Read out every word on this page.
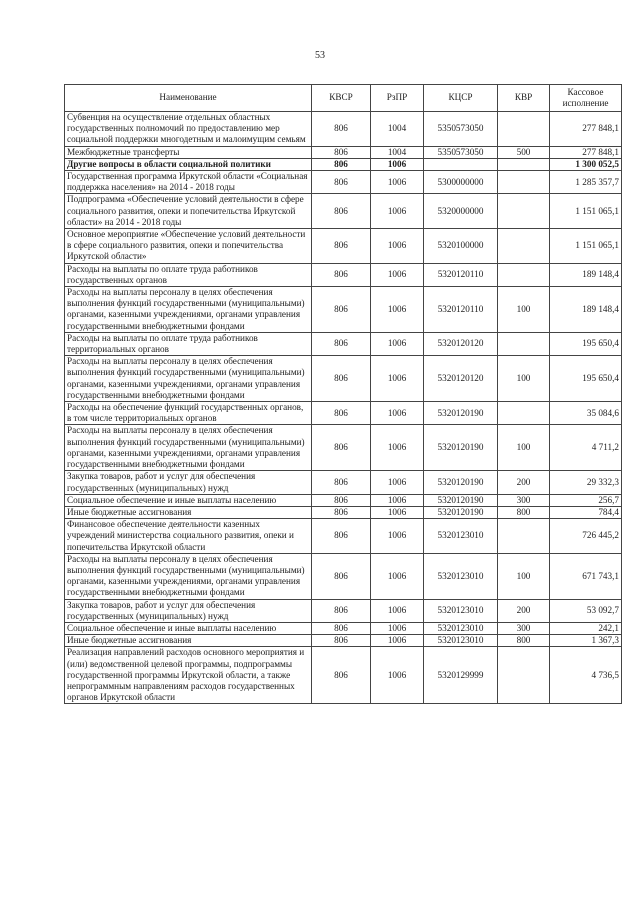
53
Наименование	КВСР	РзПР	КЦСР	КВР	Кассовое исполнение
Субвенция на осуществление отдельных областных государственных полномочий по предоставлению мер социальной поддержки многодетным и малоимущим семьям	806	1004	5350573050		277 848,1
Межбюджетные трансферты	806	1004	5350573050	500	277 848,1
Другие вопросы в области социальной политики	806	1006			1 300 052,5
Государственная программа Иркутской области «Социальная поддержка населения» на 2014 - 2018 годы	806	1006	5300000000		1 285 357,7
Подпрограмма «Обеспечение условий деятельности в сфере социального развития, опеки и попечительства Иркутской области» на 2014 - 2018 годы	806	1006	5320000000		1 151 065,1
Основное мероприятие «Обеспечение условий деятельности в сфере социального развития, опеки и попечительства Иркутской области»	806	1006	5320100000		1 151 065,1
Расходы на выплаты по оплате труда работников государственных органов	806	1006	5320120110		189 148,4
Расходы на выплаты персоналу в целях обеспечения выполнения функций государственными (муниципальными) органами, казенными учреждениями, органами управления государственными внебюджетными фондами	806	1006	5320120110	100	189 148,4
Расходы на выплаты по оплате труда работников территориальных органов	806	1006	5320120120		195 650,4
Расходы на выплаты персоналу в целях обеспечения выполнения функций государственными (муниципальными) органами, казенными учреждениями, органами управления государственными внебюджетными фондами	806	1006	5320120120	100	195 650,4
Расходы на обеспечение функций государственных органов, в том числе территориальных органов	806	1006	5320120190		35 084,6
Расходы на выплаты персоналу в целях обеспечения выполнения функций государственными (муниципальными) органами, казенными учреждениями, органами управления государственными внебюджетными фондами	806	1006	5320120190	100	4 711,2
Закупка товаров, работ и услуг для обеспечения государственных (муниципальных) нужд	806	1006	5320120190	200	29 332,3
Социальное обеспечение и иные выплаты населению	806	1006	5320120190	300	256,7
Иные бюджетные ассигнования	806	1006	5320120190	800	784,4
Финансовое обеспечение деятельности казенных учреждений министерства социального развития, опеки и попечительства Иркутской области	806	1006	5320123010		726 445,2
Расходы на выплаты персоналу в целях обеспечения выполнения функций государственными (муниципальными) органами, казенными учреждениями, органами управления государственными внебюджетными фондами	806	1006	5320123010	100	671 743,1
Закупка товаров, работ и услуг для обеспечения государственных (муниципальных) нужд	806	1006	5320123010	200	53 092,7
Социальное обеспечение и иные выплаты населению	806	1006	5320123010	300	242,1
Иные бюджетные ассигнования	806	1006	5320123010	800	1 367,3
Реализация направлений расходов основного мероприятия и (или) ведомственной целевой программы, подпрограммы государственной программы Иркутской области, а также непрограммным направлениям расходов государственных органов Иркутской области	806	1006	5320129999		4 736,5
